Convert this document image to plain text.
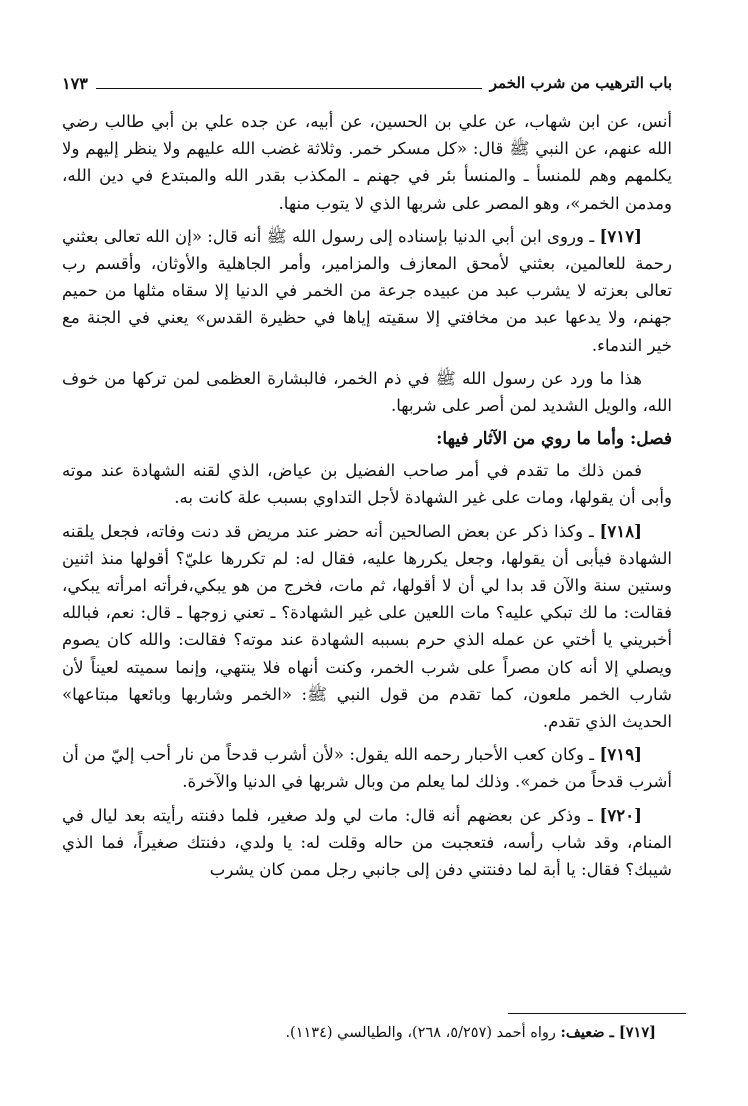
باب الترهيب من شرب الخمر
١٧٣

أنس، عن ابن شهاب، عن علي بن الحسين، عن أبيه، عن جده علي بن أبي طالب رضي الله عنهم، عن النبي ﷺ قال: «كل مسكر خمر. وثلاثة غضب الله عليهم ولا ينظر إليهم ولا يكلمهم وهم للمنسأ ـ والمنسأ بئر في جهنم ـ المكذب بقدر الله والمبتدع في دين الله، ومدمن الخمر»، وهو المصر على شربها الذي لا يتوب منها.

[٧١٧] ـ وروى ابن أبي الدنيا بإسناده إلى رسول الله ﷺ أنه قال: «إن الله تعالى بعثني رحمة للعالمين، بعثني لأمحق المعازف والمزامير، وأمر الجاهلية والأوثان، وأقسم رب تعالى بعزته لا يشرب عبد من عبيده جرعة من الخمر في الدنيا إلا سقاه مثلها من حميم جهنم، ولا يدعها عبد من مخافتي إلا سقيته إياها في حظيرة القدس» يعني في الجنة مع خير الندماء.

هذا ما ورد عن رسول الله ﷺ في ذم الخمر، فالبشارة العظمى لمن تركها من خوف الله، والويل الشديد لمن أصر على شربها.

فصل: وأما ما روي من الآثار فيها:

فمن ذلك ما تقدم في أمر صاحب الفضيل بن عياض، الذي لقنه الشهادة عند موته وأبى أن يقولها، ومات على غير الشهادة لأجل التداوي بسبب علة كانت به.

[٧١٨] ـ وكذا ذكر عن بعض الصالحين أنه حضر عند مريض قد دنت وفاته، فجعل يلقنه الشهادة فيأبى أن يقولها، وجعل يكررها عليه، فقال له: لم تكررها عليّ؟ أقولها منذ اثنين وستين سنة والآن قد بدا لي أن لا أقولها، ثم مات، فخرج من هو يبكي،فرأته امرأته يبكي، فقالت: ما لك تبكي عليه؟ مات اللعين على غير الشهادة؟ ـ تعني زوجها ـ قال: نعم، فبالله أخبريني يا أختي عن عمله الذي حرم بسببه الشهادة عند موته؟ فقالت: والله كان يصوم ويصلي إلا أنه كان مصراً على شرب الخمر، وكنت أنهاه فلا ينتهي، وإنما سميته لعيناً لأن شارب الخمر ملعون، كما تقدم من قول النبي ﷺ: «الخمر وشاربها وبائعها مبتاعها» الحديث الذي تقدم.

[٧١٩] ـ وكان كعب الأحبار رحمه الله يقول: «لأن أشرب قدحاً من نار أحب إليّ من أن أشرب قدحاً من خمر». وذلك لما يعلم من وبال شربها في الدنيا والآخرة.

[٧٢٠] ـ وذكر عن بعضهم أنه قال: مات لي ولد صغير، فلما دفنته رأيته بعد ليال في المنام، وقد شاب رأسه، فتعجبت من حاله وقلت له: يا ولدي، دفنتك صغيراً، فما الذي شيبك؟ فقال: يا أبة لما دفنتني دفن إلى جانبي رجل ممن كان يشرب

[٧١٧] ـ ضعيف: رواه أحمد (٥/٢٥٧، ٢٦٨)، والطيالسي (١١٣٤).
